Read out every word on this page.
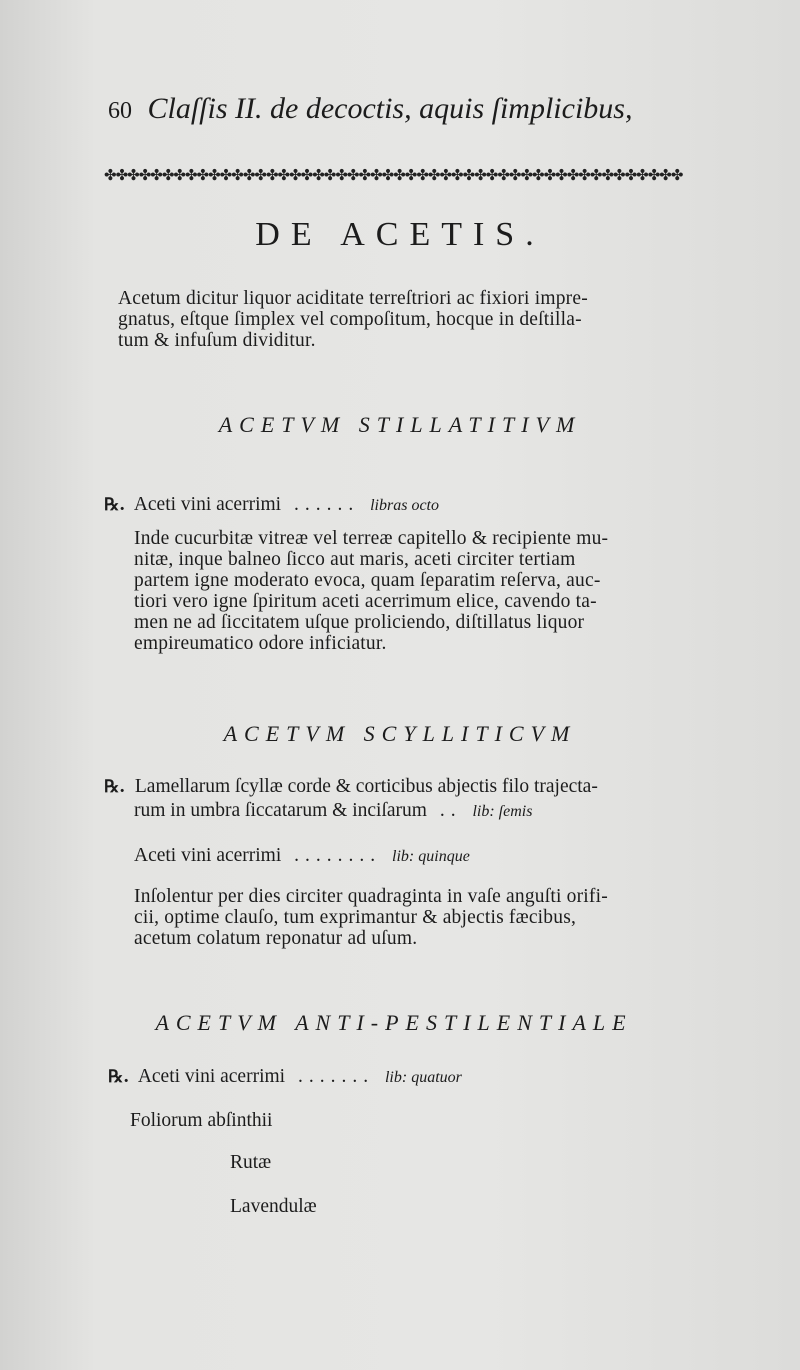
60 Claſſis II. de decoctis, aquis ſimplicibus,
✤✤✤✤✤✤✤✤✤✤✤✤✤✤✤✤✤✤✤✤✤✤✤✤✤✤✤✤✤✤✤✤✤✤✤✤✤✤✤✤✤✤✤✤✤✤✤✤✤✤
DE ACETIS.
Acetum dicitur liquor aciditate terreſtriori ac fixiori impre-
gnatus, eſtque ſimplex vel compoſitum, hocque in deſtilla-
tum & infuſum dividitur.
ACETVM STILLATITIVM
℞. Aceti vini acerrimi ...... libras octo
Inde cucurbitæ vitreæ vel terreæ capitello & recipiente mu-
nitæ, inque balneo ſicco aut maris, aceti circiter tertiam
partem igne moderato evoca, quam ſeparatim reſerva, auc-
tiori vero igne ſpiritum aceti acerrimum elice, cavendo ta-
men ne ad ſiccitatem uſque proliciendo, diſtillatus liquor
empireumatico odore inficiatur.
ACETVM SCYLLITICVM
℞. Lamellarum ſcyllæ corde & corticibus abjectis filo trajecta-
rum in umbra ſiccatarum & inciſarum .. lib: ſemis
Aceti vini acerrimi ........ lib: quinque
Inſolentur per dies circiter quadraginta in vaſe anguſti orifi-
cii, optime clauſo, tum exprimantur & abjectis fæcibus,
acetum colatum reponatur ad uſum.
ACETVM ANTI-PESTILENTIALE
℞. Aceti vini acerrimi ....... lib: quatuor
Foliorum abſinthii
Rutæ
Lavendulæ
